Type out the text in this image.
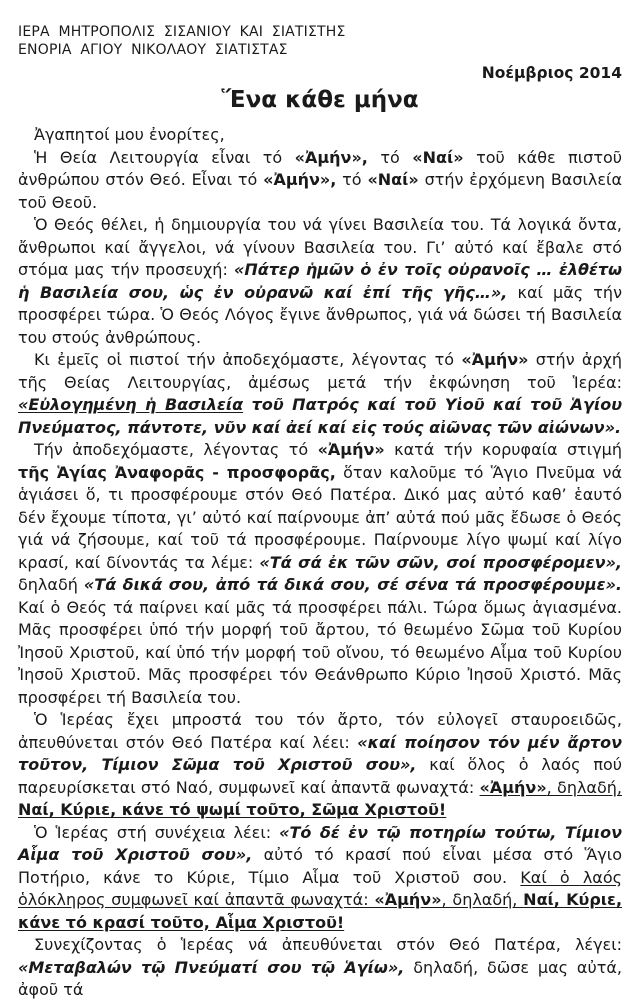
ΙΕΡΑ ΜΗΤΡΟΠΟΛΙΣ ΣΙΣΑΝΙΟΥ ΚΑΙ ΣΙΑΤΙΣΤΗΣ
ΕΝΟΡΙΑ ΑΓΙΟΥ ΝΙΚΟΛΑΟΥ ΣΙΑΤΙΣΤΑΣ
Νοέμβριος 2014
Ἕνα κάθε μήνα

Ἀγαπητοί μου ἐνορίτες,

Ἡ Θεία Λειτουργία εἶναι τό «Ἀμήν», τό «Ναί» τοῦ κάθε πιστοῦ ἀνθρώπου στόν Θεό. Εἶναι τό «Ἀμήν», τό «Ναί» στήν ἐρχόμενη Βασιλεία τοῦ Θεοῦ.

Ὁ Θεός θέλει, ἡ δημιουργία του νά γίνει Βασιλεία του. Τά λογικά ὄντα, ἄνθρωποι καί ἄγγελοι, νά γίνουν Βασιλεία του. Γι’ αὐτό καί ἔβαλε στό στόμα μας τήν προσευχή: «Πάτερ ἡμῶν ὁ ἐν τοῖς οὐρανοῖς … ἐλθέτω ἡ Βασιλεία σου, ὡς ἐν οὐρανῶ καί ἐπί τῆς γῆς…», καί μᾶς τήν προσφέρει τώρα. Ὁ Θεός Λόγος ἔγινε ἄνθρωπος, γιά νά δώσει τή Βασιλεία του στούς ἀνθρώπους.

Κι ἐμεῖς οἱ πιστοί τήν ἀποδεχόμαστε, λέγοντας τό «Ἀμήν» στήν ἀρχή τῆς Θείας Λειτουργίας, ἀμέσως μετά τήν ἐκφώνηση τοῦ Ἱερέα: «Εὐλογημένη ἡ Βασιλεία τοῦ Πατρός καί τοῦ Υἱοῦ καί τοῦ Ἁγίου Πνεύματος, πάντοτε, νῦν καί ἀεί καί εἰς τούς αἰῶνας τῶν αἰώνων».

Τήν ἀποδεχόμαστε, λέγοντας τό «Ἀμήν» κατά τήν κορυφαία στιγμή τῆς Ἁγίας Ἀναφορᾶς - προσφορᾶς, ὅταν καλοῦμε τό Ἅγιο Πνεῦμα νά ἁγιάσει ὅ, τι προσφέρουμε στόν Θεό Πατέρα. Δικό μας αὐτό καθ’ ἑαυτό δέν ἔχουμε τίποτα, γι’ αὐτό καί παίρνουμε ἀπ’ αὐτά πού μᾶς ἔδωσε ὁ Θεός γιά νά ζήσουμε, καί τοῦ τά προσφέρουμε. Παίρνουμε λίγο ψωμί καί λίγο κρασί, καί δίνοντάς τα λέμε: «Τά σά ἐκ τῶν σῶν, σοί προσφέρομεν», δηλαδή «Τά δικά σου, ἀπό τά δικά σου, σέ σένα τά προσφέρουμε». Καί ὁ Θεός τά παίρνει καί μᾶς τά προσφέρει πάλι. Τώρα ὅμως ἁγιασμένα. Μᾶς προσφέρει ὑπό τήν μορφή τοῦ ἄρτου, τό θεωμένο Σῶμα τοῦ Κυρίου Ἰησοῦ Χριστοῦ, καί ὑπό τήν μορφή τοῦ οἴνου, τό θεωμένο Αἷμα τοῦ Κυρίου Ἰησοῦ Χριστοῦ. Μᾶς προσφέρει τόν Θεάνθρωπο Κύριο Ἰησοῦ Χριστό. Μᾶς προσφέρει τή Βασιλεία του.

Ὁ Ἱερέας ἔχει μπροστά του τόν ἄρτο, τόν εὐλογεῖ σταυροειδῶς, ἀπευθύνεται στόν Θεό Πατέρα καί λέει: «καί ποίησον τόν μέν ἄρτον τοῦτον, Τίμιον Σῶμα τοῦ Χριστοῦ σου», καί ὅλος ὁ λαός πού παρευρίσκεται στό Ναό, συμφωνεῖ καί ἀπαντᾶ φωναχτά: «Ἀμήν», δηλαδή, Ναί, Κύριε, κάνε τό ψωμί τοῦτο, Σῶμα Χριστοῦ!

Ὁ Ἱερέας στή συνέχεια λέει: «Τό δέ ἐν τῷ ποτηρίω τούτω, Τίμιον Αἷμα τοῦ Χριστοῦ σου», αὐτό τό κρασί πού εἶναι μέσα στό Ἅγιο Ποτήριο, κάνε το Κύριε, Τίμιο Αἷμα τοῦ Χριστοῦ σου. Καί ὁ λαός ὁλόκληρος συμφωνεῖ καί ἀπαντᾶ φωναχτά: «Ἀμήν», δηλαδή, Ναί, Κύριε, κάνε τό κρασί τοῦτο, Αἷμα Χριστοῦ!

Συνεχίζοντας ὁ Ἱερέας νά ἀπευθύνεται στόν Θεό Πατέρα, λέγει: «Μεταβαλών τῷ Πνεύματί σου τῷ Ἁγίω», δηλαδή, δῶσε μας αὐτά, ἀφοῦ τά
